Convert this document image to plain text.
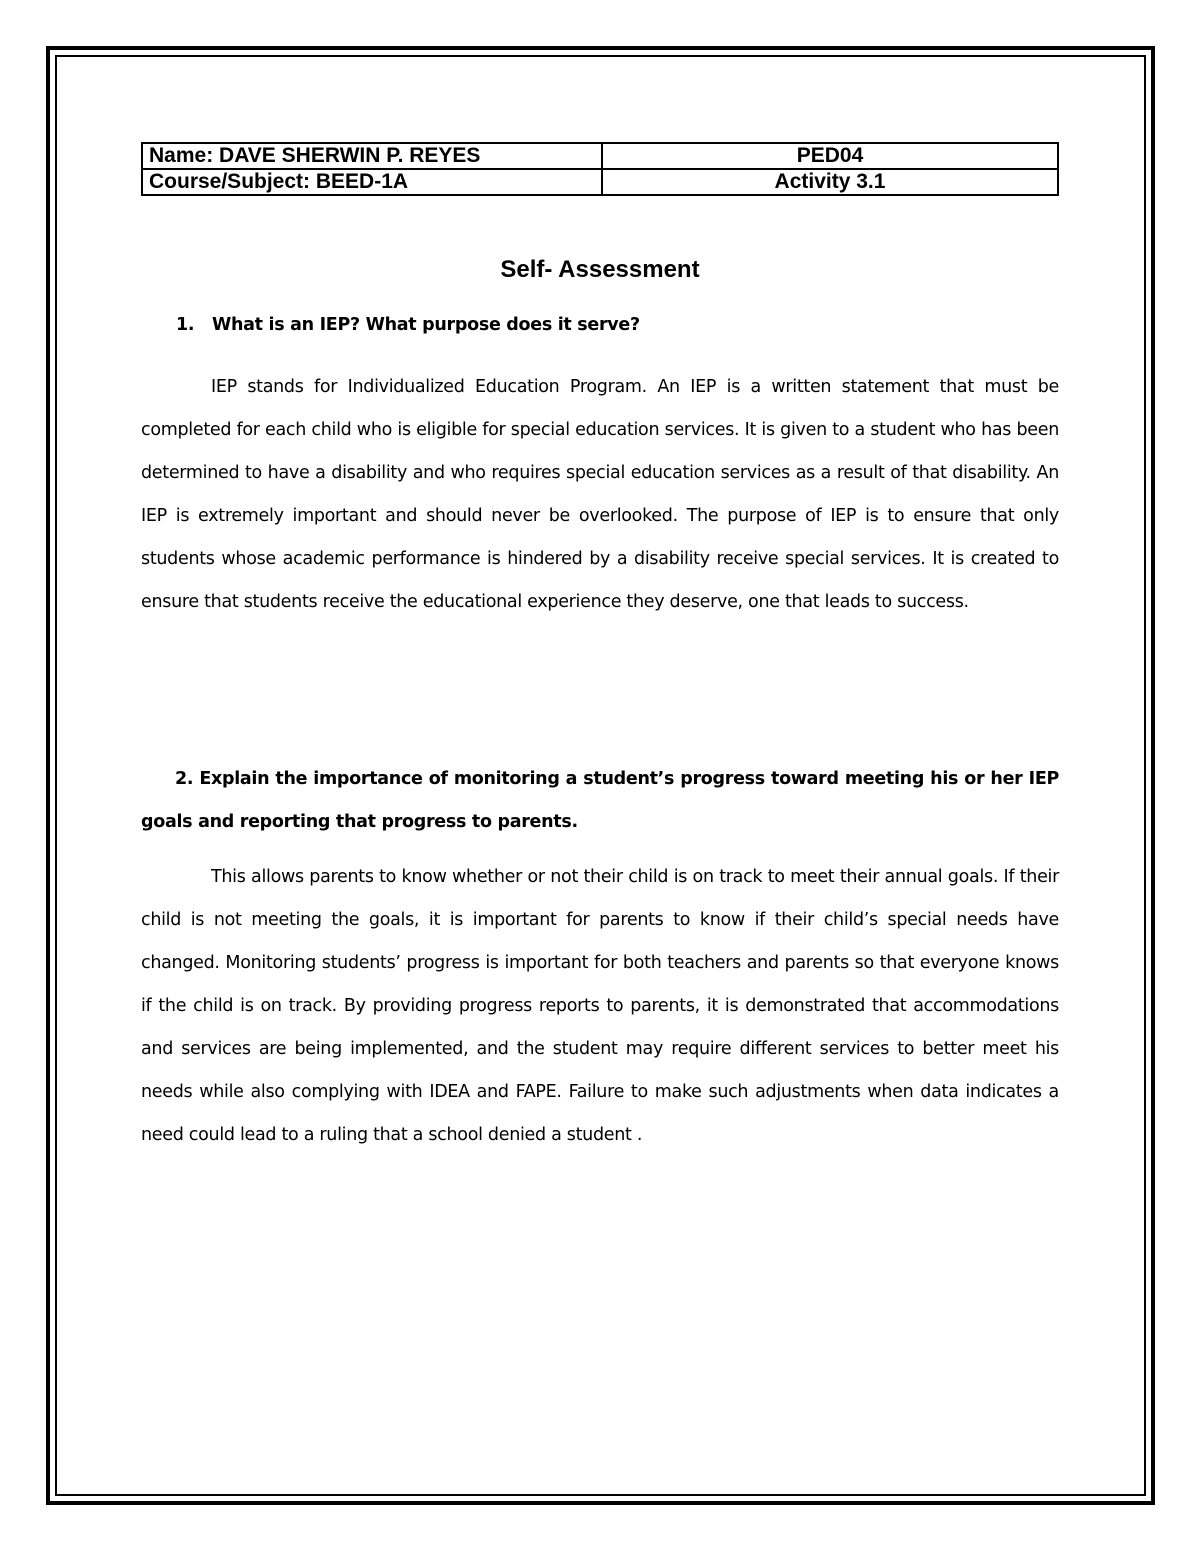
Name: DAVE SHERWIN P. REYES	PED04
Course/Subject: BEED-1A	Activity 3.1
Self- Assessment
1. What is an IEP? What purpose does it serve?

IEP stands for Individualized Education Program. An IEP is a written statement that must be completed for each child who is eligible for special education services. It is given to a student who has been determined to have a disability and who requires special education services as a result of that disability. An IEP is extremely important and should never be overlooked. The purpose of IEP is to ensure that only students whose academic performance is hindered by a disability receive special services. It is created to ensure that students receive the educational experience they deserve, one that leads to success.

2. Explain the importance of monitoring a student’s progress toward meeting his or her IEP goals and reporting that progress to parents.

This allows parents to know whether or not their child is on track to meet their annual goals. If their child is not meeting the goals, it is important for parents to know if their child’s special needs have changed. Monitoring students’ progress is important for both teachers and parents so that everyone knows if the child is on track. By providing progress reports to parents, it is demonstrated that accommodations and services are being implemented, and the student may require different services to better meet his needs while also complying with IDEA and FAPE. Failure to make such adjustments when data indicates a need could lead to a ruling that a school denied a student .
